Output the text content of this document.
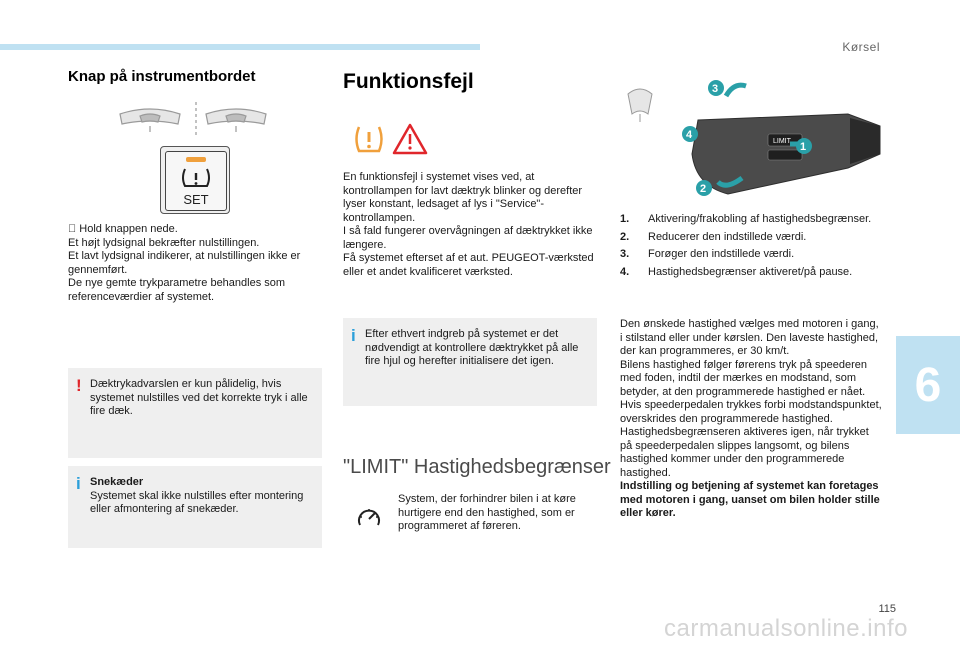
Kørsel
6
Knap på instrumentbordet
SET

Hold knappen nede.

Et højt lydsignal bekræfter nulstillingen.

Et lavt lydsignal indikerer, at nulstillingen ikke er gennemført.

De nye gemte trykparametre behandles som referenceværdier af systemet.

! Dæktrykadvarslen er kun pålidelig, hvis systemet nulstilles ved det korrekte tryk i alle fire dæk.
i Snekæder
Systemet skal ikke nulstilles efter montering eller afmontering af snekæder.
Funktionsfejl

En funktionsfejl i systemet vises ved, at kontrollampen for lavt dæktryk blinker og derefter lyser konstant, ledsaget af lys i "Service"-kontrollampen.

I så fald fungerer overvågningen af dæktrykket ikke længere.

Få systemet efterset af et aut. PEUGEOT-værksted eller et andet kvalificeret værksted.

i Efter ethvert indgreb på systemet er det nødvendigt at kontrollere dæktrykket på alle fire hjul og herefter initialisere det igen.
"LIMIT" Hastighedsbegrænser
System, der forhindrer bilen i at køre hurtigere end den hastighed, som er programmeret af føreren.
LIMIT
3
4
2
1
1. Aktivering/frakobling af hastighedsbegrænser.
2. Reducerer den indstillede værdi.
3. Forøger den indstillede værdi.
4. Hastighedsbegrænser aktiveret/på pause.

Den ønskede hastighed vælges med motoren i gang, i stilstand eller under kørslen. Den laveste hastighed, der kan programmeres, er 30 km/t.

Bilens hastighed følger førerens tryk på speederen med foden, indtil der mærkes en modstand, som betyder, at den programmerede hastighed er nået.

Hvis speederpedalen trykkes forbi modstandspunktet, overskrides den programmerede hastighed.

Hastighedsbegrænseren aktiveres igen, når trykket på speederpedalen slippes langsomt, og bilens hastighed kommer under den programmerede hastighed.

Indstilling og betjening af systemet kan foretages med motoren i gang, uanset om bilen holder stille eller kører.

115
carmanualsonline.info
